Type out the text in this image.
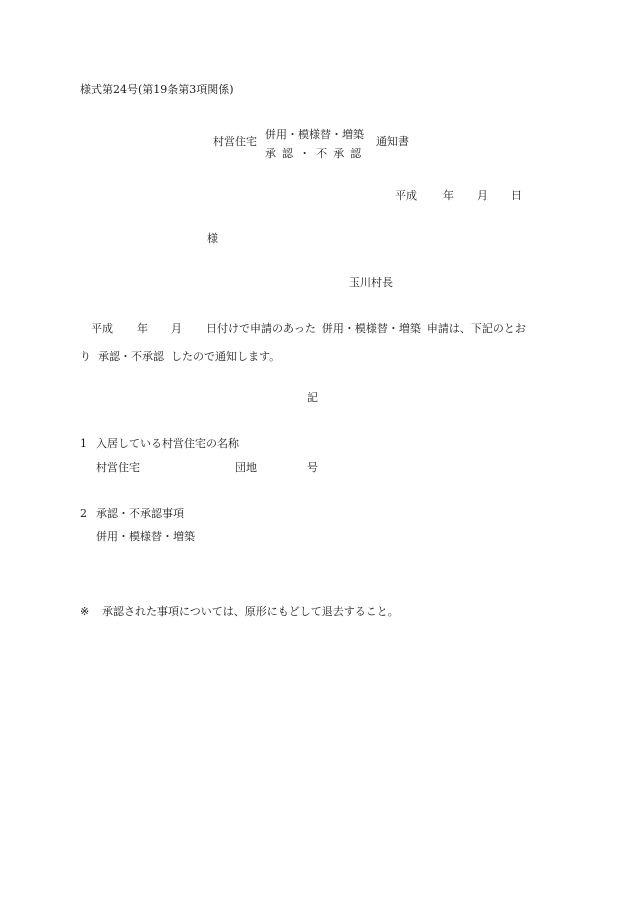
様式第24号(第19条第3項関係)
村営住宅
併用・模様替・増築
承認・不承認
通知書
平成 年 月 日
様
玉川村長
平成 年 月 日付けで申請のあった 併用・模様替・増築 申請は、下記のとお
り 承認・不承認 したので通知します。
記
1 入居している村営住宅の名称
村営住宅	団地	号
2 承認・不承認事項
併用・模様替・増築
※ 承認された事項については、原形にもどして退去すること。
